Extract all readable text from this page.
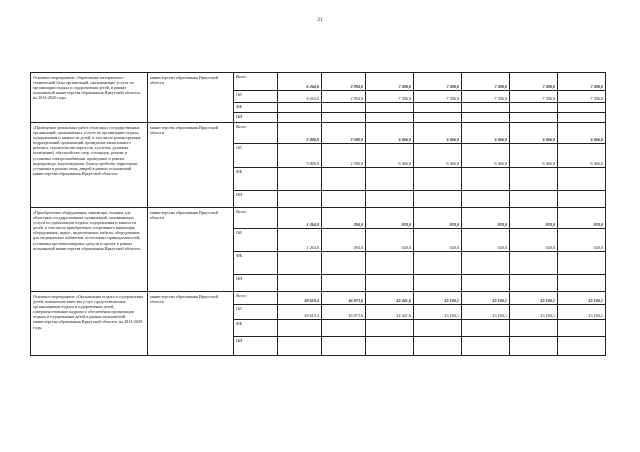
21
Основное мероприятие «Укрепление материально-технической базы организаций, оказывающих услуги по организации отдыха и оздоровления детей, в рамках полномочий министерства образования Иркутской области» на 2014-2020 годы	министерство образования Иркутской области	Всего	6 264,0	2 994,0	7 386,0	7 386,0	7 386,0	7 386,0	7 386,0
		ОБ	6 264,0	2 994,0	7 386,0	7 386,0	7 386,0	7 386,0	7 386,0
		ФБ							
		ИИ							
«Проведение ремонтных работ областных государственных организаций, оказывающих услуги по организации отдыха, оздоровления и занятости детей, в том числе реконструкция подразделений организаций, проведение капитального ремонта, строительство корпусов, туалетов, душевых помещений, обустройство спор. площадок, ремонт и установка электроснабжения, проведение и ремонт водопровода, водоотведения, благоустройство территории, установка и ремонт окон, дверей в рамках полномочий министерства образования Иркутской области»	министерство образования Иркутской области	Всего	5 000,0	2 580,0	6 466,0	6 466,0	6 466,0	6 466,0	6 466,0
		ОБ	5 000,0	2 580,0	6 466,0	6 466,0	6 466,0	6 466,0	6 466,0
		ФБ							
		ИИ							
«Приобретение оборудования, инвентаря, техники для областных государственных организаций, оказывающих услуги по организации отдыха, оздоровления и занятости детей, в том числе приобретение спортивного инвентаря, оборудования, аудио-, видеотехники, мебели, оборудования для медицинских кабинетов, постельных принадлежностей, установка противопожарных средств и прочее в рамках полномочий министерства образования Иркутской области»	министерство образования Иркутской области	Всего	1 264,0	394,0	920,0	920,0	920,0	920,0	920,0
		ОБ	1 264,0	394,0	920,0	920,0	920,0	920,0	920,0
		ФБ							
		ИИ							
Основное мероприятие «Организация отдыха и оздоровления детей, повышение качества услуг, предоставляемых организациями отдыха и оздоровления детей, совершенствование кадрового обеспечения организации отдыха и оздоровления детей в рамках полномочий министерства образования Иркутской области» на 2014-2020 годы	министерство образования Иркутской области	Всего	49 610,4	46 873,6	42 441,6	43 184,1	43 184,1	43 184,1	43 184,1
		ОБ	49 610,4	46 873,6	42 441,6	43 184,1	43 184,1	43 184,1	43 184,1
		ФБ							
		ИИ							
